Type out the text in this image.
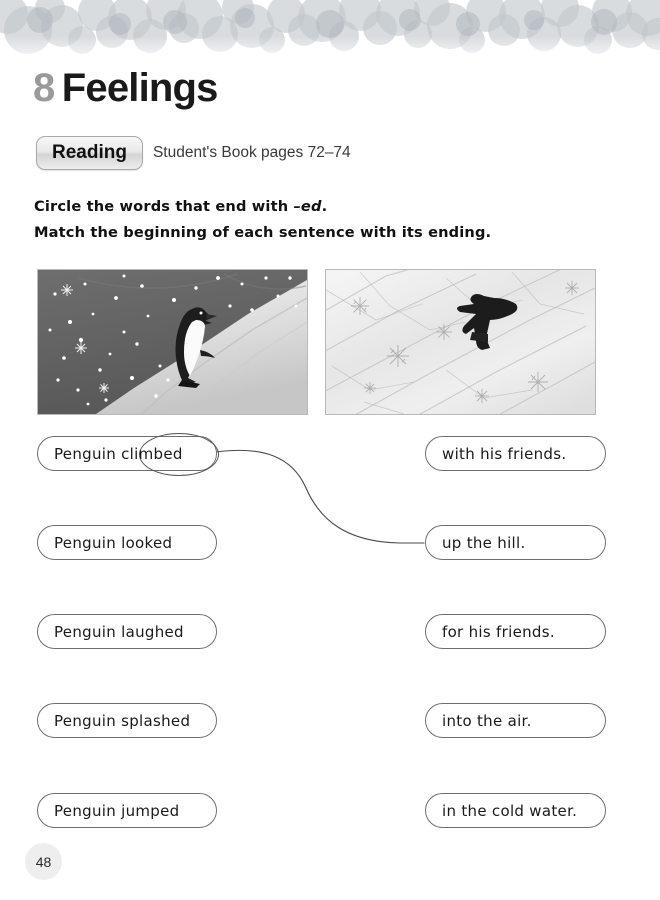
8 Feelings
Reading	Student's Book pages 72–74
Circle the words that end with –ed.
Match the beginning of each sentence with its ending.
Penguin climbed
Penguin looked
Penguin laughed
Penguin splashed
Penguin jumped
with his friends.
up the hill.
for his friends.
into the air.
in the cold water.
48
